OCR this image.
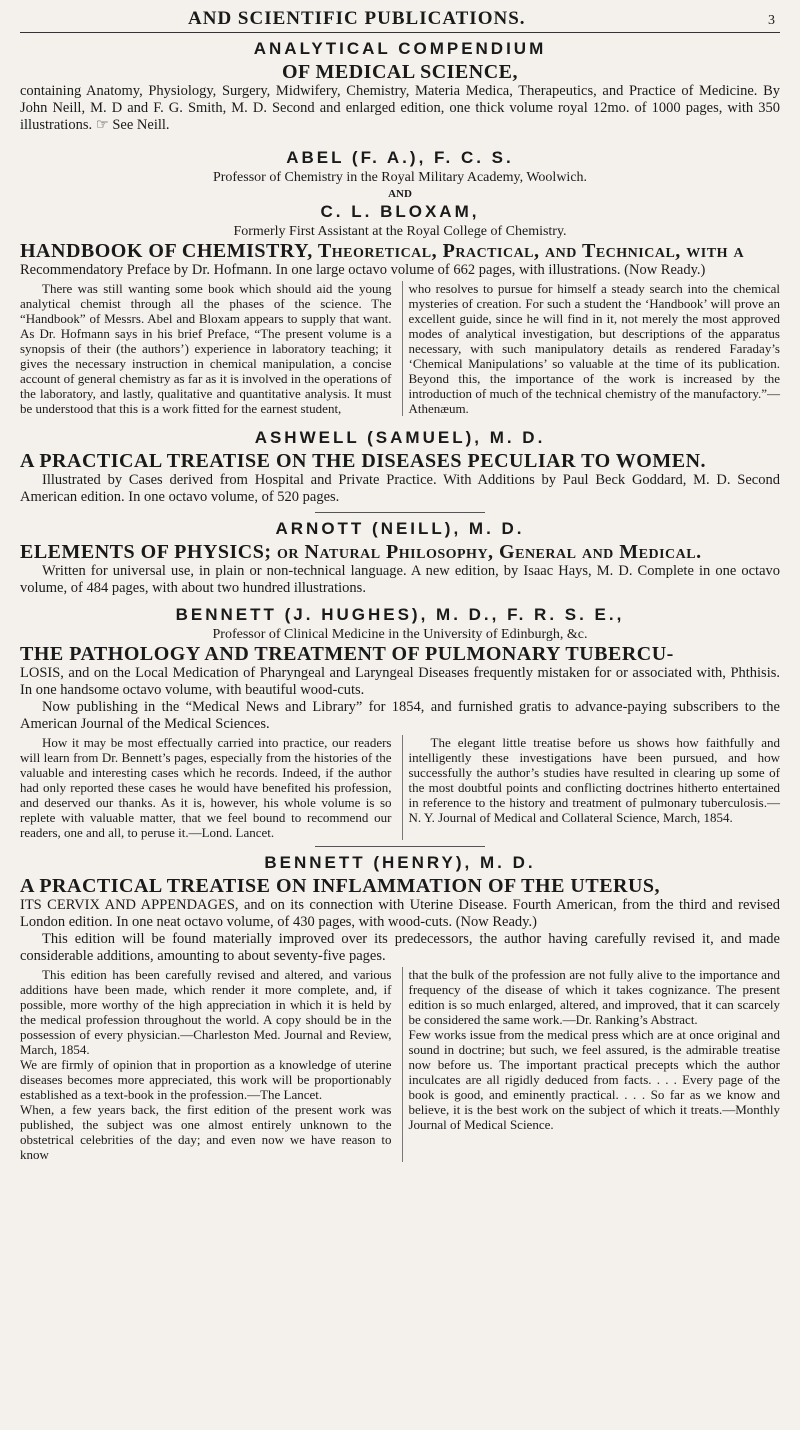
AND SCIENTIFIC PUBLICATIONS.	3
ANALYTICAL COMPENDIUM
OF MEDICAL SCIENCE,

containing Anatomy, Physiology, Surgery, Midwifery, Chemistry, Materia Medica, Therapeutics, and Practice of Medicine. By John Neill, M. D and F. G. Smith, M. D. Second and enlarged edition, one thick volume royal 12mo. of 1000 pages, with 350 illustrations. ☞ See Neill.

ABEL (F. A.), F. C. S.
Professor of Chemistry in the Royal Military Academy, Woolwich.
AND
C. L. BLOXAM,
Formerly First Assistant at the Royal College of Chemistry.
HANDBOOK OF CHEMISTRY, Theoretical, Practical, and Technical, with a

Recommendatory Preface by Dr. Hofmann. In one large octavo volume of 662 pages, with illustrations. (Now Ready.)

There was still wanting some book which should aid the young analytical chemist through all the phases of the science. The “Handbook” of Messrs. Abel and Bloxam appears to supply that want. As Dr. Hofmann says in his brief Preface, “The present volume is a synopsis of their (the authors’) experience in laboratory teaching; it gives the necessary instruction in chemical manipulation, a concise account of general chemistry as far as it is involved in the operations of the laboratory, and lastly, qualitative and quantitative analysis. It must be understood that this is a work fitted for the earnest student,

who resolves to pursue for himself a steady search into the chemical mysteries of creation. For such a student the ‘Handbook’ will prove an excellent guide, since he will find in it, not merely the most approved modes of analytical investigation, but descriptions of the apparatus necessary, with such manipulatory details as rendered Faraday’s ‘Chemical Manipulations’ so valuable at the time of its publication. Beyond this, the importance of the work is increased by the introduction of much of the technical chemistry of the manufactory.”—Athenæum.

ASHWELL (SAMUEL), M. D.
A PRACTICAL TREATISE ON THE DISEASES PECULIAR TO WOMEN.

Illustrated by Cases derived from Hospital and Private Practice. With Additions by Paul Beck Goddard, M. D. Second American edition. In one octavo volume, of 520 pages.

ARNOTT (NEILL), M. D.
ELEMENTS OF PHYSICS; or Natural Philosophy, General and Medical.

Written for universal use, in plain or non-technical language. A new edition, by Isaac Hays, M. D. Complete in one octavo volume, of 484 pages, with about two hundred illustrations.

BENNETT (J. HUGHES), M. D., F. R. S. E.,
Professor of Clinical Medicine in the University of Edinburgh, &c.
THE PATHOLOGY AND TREATMENT OF PULMONARY TUBERCU-

LOSIS, and on the Local Medication of Pharyngeal and Laryngeal Diseases frequently mistaken for or associated with, Phthisis. In one handsome octavo volume, with beautiful wood-cuts.

Now publishing in the “Medical News and Library” for 1854, and furnished gratis to advance-paying subscribers to the American Journal of the Medical Sciences.

How it may be most effectually carried into practice, our readers will learn from Dr. Bennett’s pages, especially from the histories of the valuable and interesting cases which he records. Indeed, if the author had only reported these cases he would have benefited his profession, and deserved our thanks. As it is, however, his whole volume is so replete with valuable matter, that we feel bound to recommend our readers, one and all, to peruse it.—Lond. Lancet.

The elegant little treatise before us shows how faithfully and intelligently these investigations have been pursued, and how successfully the author’s studies have resulted in clearing up some of the most doubtful points and conflicting doctrines hitherto entertained in reference to the history and treatment of pulmonary tuberculosis.—N. Y. Journal of Medical and Collateral Science, March, 1854.

BENNETT (HENRY), M. D.
A PRACTICAL TREATISE ON INFLAMMATION OF THE UTERUS,

ITS CERVIX AND APPENDAGES, and on its connection with Uterine Disease. Fourth American, from the third and revised London edition. In one neat octavo volume, of 430 pages, with wood-cuts. (Now Ready.)

This edition will be found materially improved over its predecessors, the author having carefully revised it, and made considerable additions, amounting to about seventy-five pages.

This edition has been carefully revised and altered, and various additions have been made, which render it more complete, and, if possible, more worthy of the high appreciation in which it is held by the medical profession throughout the world. A copy should be in the possession of every physician.—Charleston Med. Journal and Review, March, 1854.
We are firmly of opinion that in proportion as a knowledge of uterine diseases becomes more appreciated, this work will be proportionably established as a text-book in the profession.—The Lancet.
When, a few years back, the first edition of the present work was published, the subject was one almost entirely unknown to the obstetrical celebrities of the day; and even now we have reason to know

that the bulk of the profession are not fully alive to the importance and frequency of the disease of which it takes cognizance. The present edition is so much enlarged, altered, and improved, that it can scarcely be considered the same work.—Dr. Ranking’s Abstract.
Few works issue from the medical press which are at once original and sound in doctrine; but such, we feel assured, is the admirable treatise now before us. The important practical precepts which the author inculcates are all rigidly deduced from facts. . . . Every page of the book is good, and eminently practical. . . . So far as we know and believe, it is the best work on the subject of which it treats.—Monthly Journal of Medical Science.
